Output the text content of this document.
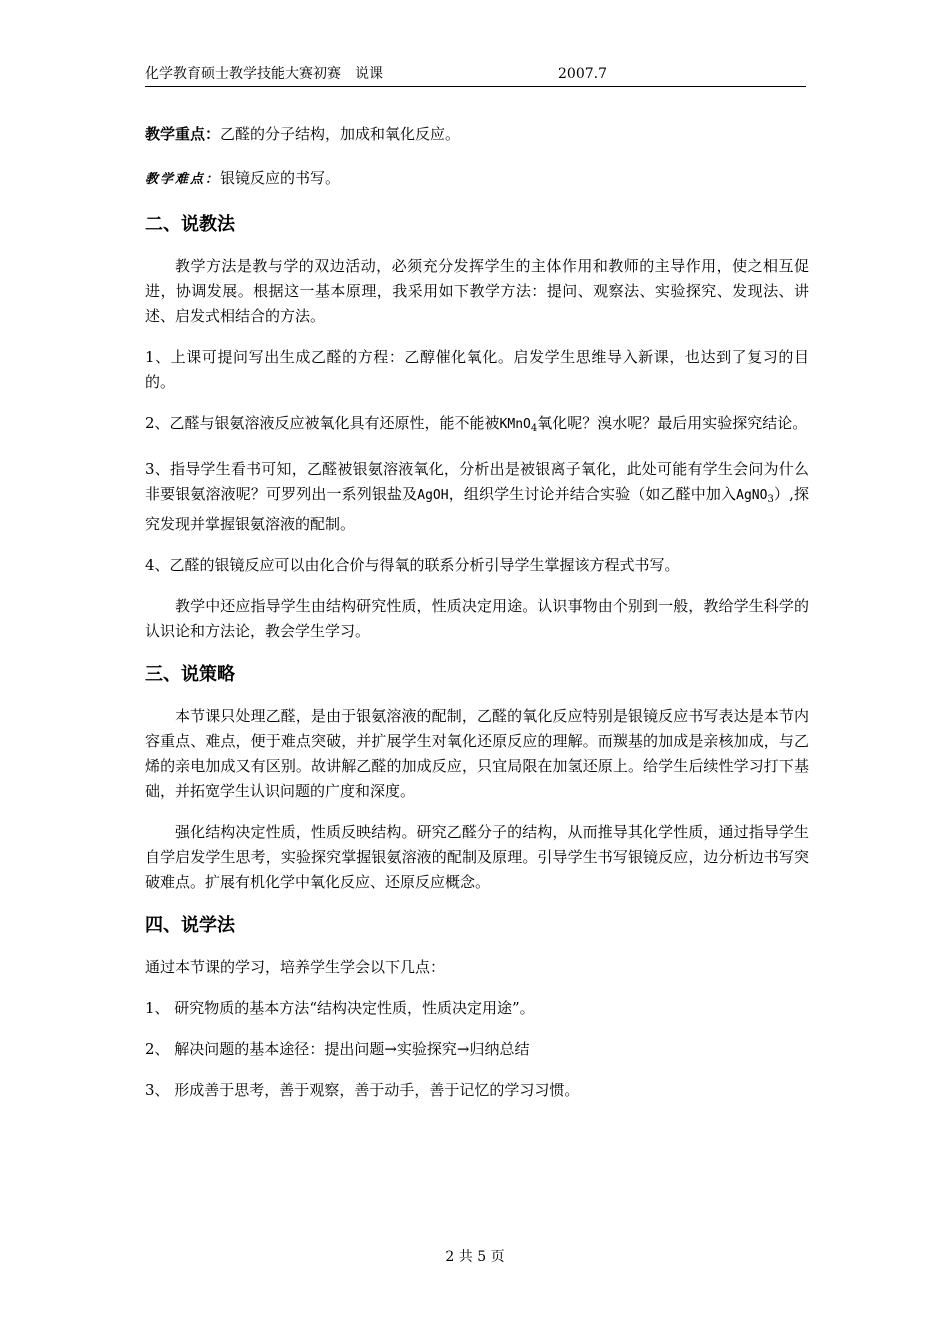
化学教育硕士教学技能大赛初赛　说课	2007.7

教学重点：乙醛的分子结构，加成和氧化反应。

教学难点：银镜反应的书写。

二、说教法

教学方法是教与学的双边活动，必须充分发挥学生的主体作用和教师的主导作用，使之相互促进，协调发展。根据这一基本原理，我采用如下教学方法：提问、观察法、实验探究、发现法、讲述、启发式相结合的方法。

1、上课可提问写出生成乙醛的方程：乙醇催化氧化。启发学生思维导入新课，也达到了复习的目的。

2、乙醛与银氨溶液反应被氧化具有还原性，能不能被KMnO$_4$氧化呢？溴水呢？最后用实验探究结论。

3、指导学生看书可知，乙醛被银氨溶液氧化，分析出是被银离子氧化，此处可能有学生会问为什么非要银氨溶液呢？可罗列出一系列银盐及AgOH，组织学生讨论并结合实验（如乙醛中加入AgNO$_3$）,探究发现并掌握银氨溶液的配制。

4、乙醛的银镜反应可以由化合价与得氧的联系分析引导学生掌握该方程式书写。

教学中还应指导学生由结构研究性质，性质决定用途。认识事物由个别到一般，教给学生科学的认识论和方法论，教会学生学习。

三、说策略

本节课只处理乙醛，是由于银氨溶液的配制，乙醛的氧化反应特别是银镜反应书写表达是本节内容重点、难点，便于难点突破，并扩展学生对氧化还原反应的理解。而羰基的加成是亲核加成，与乙烯的亲电加成又有区别。故讲解乙醛的加成反应，只宜局限在加氢还原上。给学生后续性学习打下基础，并拓宽学生认识问题的广度和深度。

强化结构决定性质，性质反映结构。研究乙醛分子的结构，从而推导其化学性质，通过指导学生自学启发学生思考，实验探究掌握银氨溶液的配制及原理。引导学生书写银镜反应，边分析边书写突破难点。扩展有机化学中氧化反应、还原反应概念。

四、说学法

通过本节课的学习，培养学生学会以下几点：

1、 研究物质的基本方法“结构决定性质，性质决定用途”。

2、 解决问题的基本途径：提出问题→实验探究→归纳总结

3、 形成善于思考，善于观察，善于动手，善于记忆的学习习惯。

2 共 5 页
